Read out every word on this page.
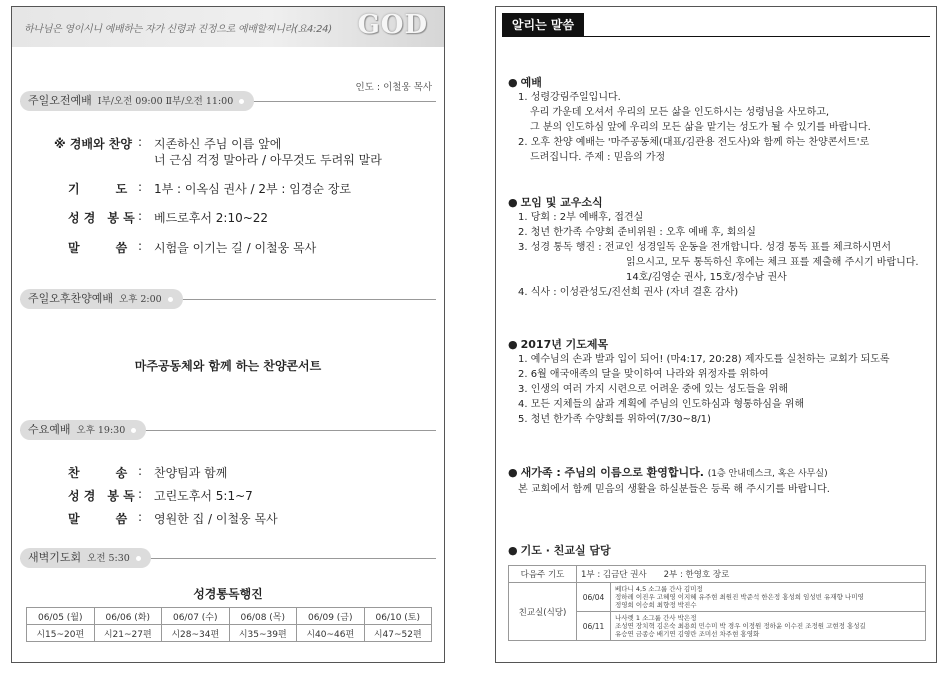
하나님은 영이시니 예배하는 자가 신령과 진정으로 예배할찌니라(요4:24) GOD
인도 : 이철웅 목사
주일오전예배 Ⅰ부/오전 09:00 Ⅱ부/오전 11:00
※ 경배와 찬양 : 지존하신 주님 이름 앞에
너 근심 걱정 말아라 / 아무것도 두려워 말라
기　　　도 : 1부 : 이옥심 권사 / 2부 : 임경순 장로
성 경　봉 독 : 베드로후서 2:10~22
말　　　씀 : 시험을 이기는 길 / 이철웅 목사
주일오후찬양예배 오후 2:00
마주공동체와 함께 하는 찬양콘서트
수요예배 오후 19:30
찬　　　송 : 찬양팀과 함께
성 경　봉 독 : 고린도후서 5:1~7
말　　　씀 : 영원한 집 / 이철웅 목사
새벽기도회 오전 5:30
성경통독행진
06/05 (월)	06/06 (화)	06/07 (수)	06/08 (목)	06/09 (금)	06/10 (토)
시15~20편	시21~27편	시28~34편	시35~39편	시40~46편	시47~52편
알리는 말씀
● 예배
1. 성령강림주일입니다.
우리 가운데 오셔서 우리의 모든 삶을 인도하시는 성령님을 사모하고,
그 분의 인도하심 앞에 우리의 모든 삶을 맡기는 성도가 될 수 있기를 바랍니다.
2. 오후 찬양 예배는 '마주공동체(대표/김관용 전도사)와 함께 하는 찬양콘서트'로
드려집니다. 주제 : 믿음의 가정
● 모임 및 교우소식
1. 당회 : 2부 예배후, 접견실
2. 청년 한가족 수양회 준비위원 : 오후 예배 후, 회의실
3. 성경 통독 행진 : 전교인 성경일독 운동을 전개합니다. 성경 통독 표를 체크하시면서
읽으시고, 모두 통독하신 후에는 체크 표를 제출해 주시기 바랍니다.
14호/김영순 권사, 15호/정수남 권사
4. 식사 : 이성관성도/진선희 권사 (자녀 결혼 감사)
● 2017년 기도제목
1. 예수님의 손과 발과 입이 되어! (마4:17, 20:28) 제자도를 실천하는 교회가 되도록
2. 6월 애국애족의 달을 맞이하여 나라와 위정자를 위하여
3. 인생의 여러 가지 시련으로 어려운 중에 있는 성도들을 위해
4. 모든 지체들의 삶과 계획에 주님의 인도하심과 형통하심을 위해
5. 청년 한가족 수양회를 위하여(7/30~8/1)
● 새가족 : 주님의 이름으로 환영합니다. (1층 안내데스크, 혹은 사무실)
본 교회에서 함께 믿음의 생활을 하실분들은 등록 해 주시기를 바랍니다.
● 기도 · 친교실 담당
다음주 기도	1부 : 김금단 권사　　2부 : 한영호 장로	
친교실(식당)	06/04	베다니 4,5 소그룹 간사 김미정
정하레 이진우 고혜영 이지혜 유주현 최원진 박준석 한은정 홍성희 임성빈 유재향 나미영
정영희 이승희 최향정 박진수

	06/11	나사렛 1 소그룹 간사 박은정
조성연 장치혁 김은숙 최용희 민수미 박 경우 이정원 정하윤 이수진 조정원 고현정 홍성길
유승연 금종승 배기연 김영란 조미선 차주현 홍영화
